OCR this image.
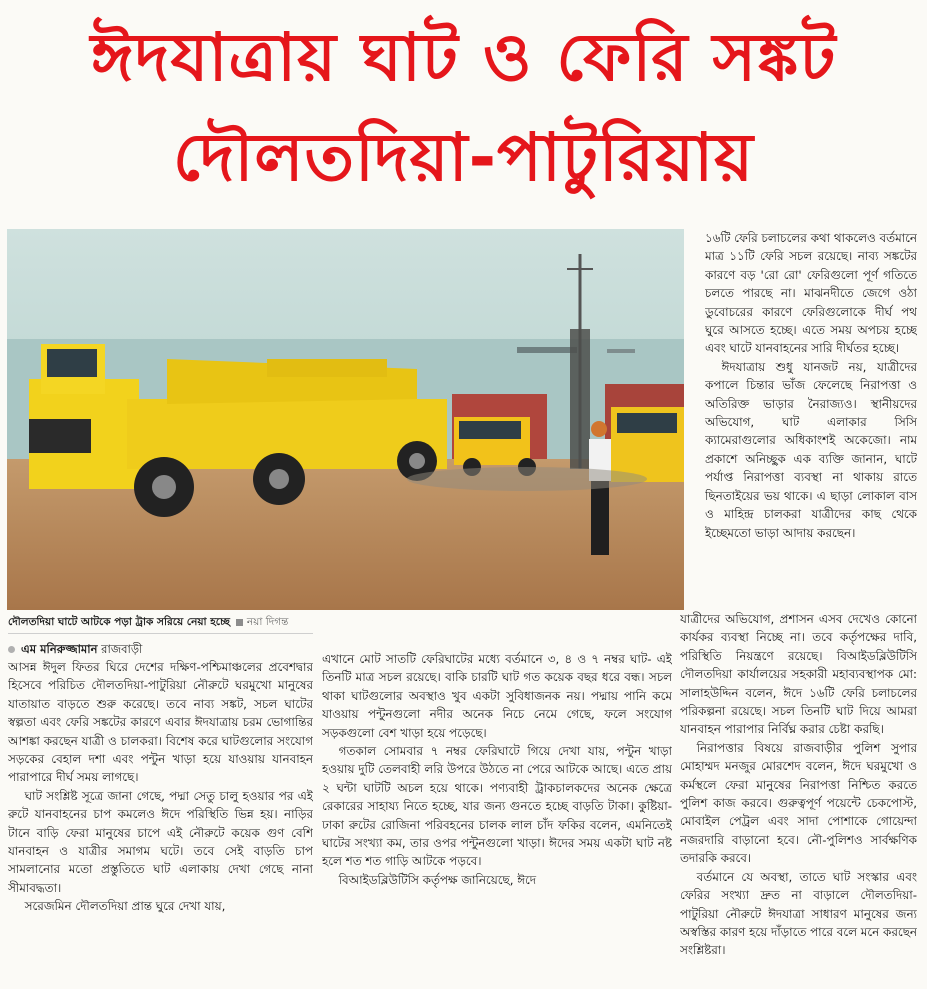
ঈদযাত্রায় ঘাট ও ফেরি সঙ্কট
দৌলতদিয়া-পাটুরিয়ায়
দৌলতদিয়া ঘাটে আটকে পড়া ট্রাক সরিয়ে নেয়া হচ্ছে নয়া দিগন্ত
এম মনিরুজ্জামান রাজবাড়ী

আসন্ন ঈদুল ফিতর ঘিরে দেশের দক্ষিণ-পশ্চিমাঞ্চলের প্রবেশদ্বার হিসেবে পরিচিত দৌলতদিয়া-পাটুরিয়া নৌরুটে ঘরমুখো মানুষের যাতায়াত বাড়তে শুরু করেছে। তবে নাব্য সঙ্কট, সচল ঘাটের স্বল্পতা এবং ফেরি সঙ্কটের কারণে এবার ঈদযাত্রায় চরম ভোগান্তির আশঙ্কা করছেন যাত্রী ও চালকরা। বিশেষ করে ঘাটগুলোর সংযোগ সড়কের বেহাল দশা এবং পন্টুন খাড়া হয়ে যাওয়ায় যানবাহন পারাপারে দীর্ঘ সময় লাগছে।

ঘাট সংশ্লিষ্ট সূত্রে জানা গেছে, পদ্মা সেতু চালু হওয়ার পর এই রুটে যানবাহনের চাপ কমলেও ঈদে পরিস্থিতি ভিন্ন হয়। নাড়ির টানে বাড়ি ফেরা মানুষের চাপে এই নৌরুটে কয়েক গুণ বেশি যানবাহন ও যাত্রীর সমাগম ঘটে। তবে সেই বাড়তি চাপ সামলানোর মতো প্রস্তুতিতে ঘাট এলাকায় দেখা গেছে নানা সীমাবদ্ধতা।

সরেজমিন দৌলতদিয়া প্রান্ত ঘুরে দেখা যায়,

এখানে মোট সাতটি ফেরিঘাটের মধ্যে বর্তমানে ৩, ৪ ও ৭ নম্বর ঘাট- এই তিনটি মাত্র সচল রয়েছে। বাকি চারটি ঘাট গত কয়েক বছর ধরে বন্ধ। সচল থাকা ঘাটগুলোর অবস্থাও খুব একটা সুবিধাজনক নয়। পদ্মায় পানি কমে যাওয়ায় পন্টুনগুলো নদীর অনেক নিচে নেমে গেছে, ফলে সংযোগ সড়কগুলো বেশ খাড়া হয়ে পড়েছে।

গতকাল সোমবার ৭ নম্বর ফেরিঘাটে গিয়ে দেখা যায়, পন্টুন খাড়া হওয়ায় দুটি তেলবাহী লরি উপরে উঠতে না পেরে আটকে আছে। এতে প্রায় ২ ঘন্টা ঘাটটি অচল হয়ে থাকে। পণ্যবাহী ট্রাকচালকদের অনেক ক্ষেত্রে রেকারের সাহায্য নিতে হচ্ছে, যার জন্য গুনতে হচ্ছে বাড়তি টাকা। কুষ্টিয়া-ঢাকা রুটের রোজিনা পরিবহনের চালক লাল চাঁদ ফকির বলেন, এমনিতেই ঘাটের সংখ্যা কম, তার ওপর পন্টুনগুলো খাড়া। ঈদের সময় একটা ঘাট নষ্ট হলে শত শত গাড়ি আটকে পড়বে।

বিআইডব্লিউটিসি কর্তৃপক্ষ জানিয়েছে, ঈদে

১৬টি ফেরি চলাচলের কথা থাকলেও বর্তমানে মাত্র ১১টি ফেরি সচল রয়েছে। নাব্য সঙ্কটের কারণে বড় 'রো রো' ফেরিগুলো পূর্ণ গতিতে চলতে পারছে না। মাঝনদীতে জেগে ওঠা ডুবোচরের কারণে ফেরিগুলোকে দীর্ঘ পথ ঘুরে আসতে হচ্ছে। এতে সময় অপচয় হচ্ছে এবং ঘাটে যানবাহনের সারি দীর্ঘতর হচ্ছে।

ঈদযাত্রায় শুধু যানজট নয়, যাত্রীদের কপালে চিন্তার ভাঁজ ফেলেছে নিরাপত্তা ও অতিরিক্ত ভাড়ার নৈরাজ্যও। স্থানীয়দের অভিযোগ, ঘাট এলাকার সিসি ক্যামেরাগুলোর অধিকাংশই অকেজো। নাম প্রকাশে অনিচ্ছুক এক ব্যক্তি জানান, ঘাটে পর্যাপ্ত নিরাপত্তা ব্যবস্থা না থাকায় রাতে ছিনতাইয়ের ভয় থাকে। এ ছাড়া লোকাল বাস ও মাহিন্দ্র চালকরা যাত্রীদের কাছ থেকে ইচ্ছেমতো ভাড়া আদায় করছেন।

যাত্রীদের অভিযোগ, প্রশাসন এসব দেখেও কোনো কার্যকর ব্যবস্থা নিচ্ছে না। তবে কর্তৃপক্ষের দাবি, পরিস্থিতি নিয়ন্ত্রণে রয়েছে। বিআইডব্লিউটিসি দৌলতদিয়া কার্যালয়ের সহকারী মহাব্যবস্থাপক মো: সালাহউদ্দিন বলেন, ঈদে ১৬টি ফেরি চলাচলের পরিকল্পনা রয়েছে। সচল তিনটি ঘাট দিয়ে আমরা যানবাহন পারাপার নির্বিঘ্ন করার চেষ্টা করছি।

নিরাপত্তার বিষয়ে রাজবাড়ীর পুলিশ সুপার মোহাম্মদ মনজুর মোরশেদ বলেন, ঈদে ঘরমুখো ও কর্মস্থলে ফেরা মানুষের নিরাপত্তা নিশ্চিত করতে পুলিশ কাজ করবে। গুরুত্বপূর্ণ পয়েন্টে চেকপোস্ট, মোবাইল পেট্রল এবং সাদা পোশাকে গোয়েন্দা নজরদারি বাড়ানো হবে। নৌ-পুলিশও সার্বক্ষণিক তদারকি করবে।

বর্তমানে যে অবস্থা, তাতে ঘাট সংস্কার এবং ফেরির সংখ্যা দ্রুত না বাড়ালে দৌলতদিয়া-পাটুরিয়া নৌরুটে ঈদযাত্রা সাধারণ মানুষের জন্য অস্বস্তির কারণ হয়ে দাঁড়াতে পারে বলে মনে করছেন সংশ্লিষ্টরা।
